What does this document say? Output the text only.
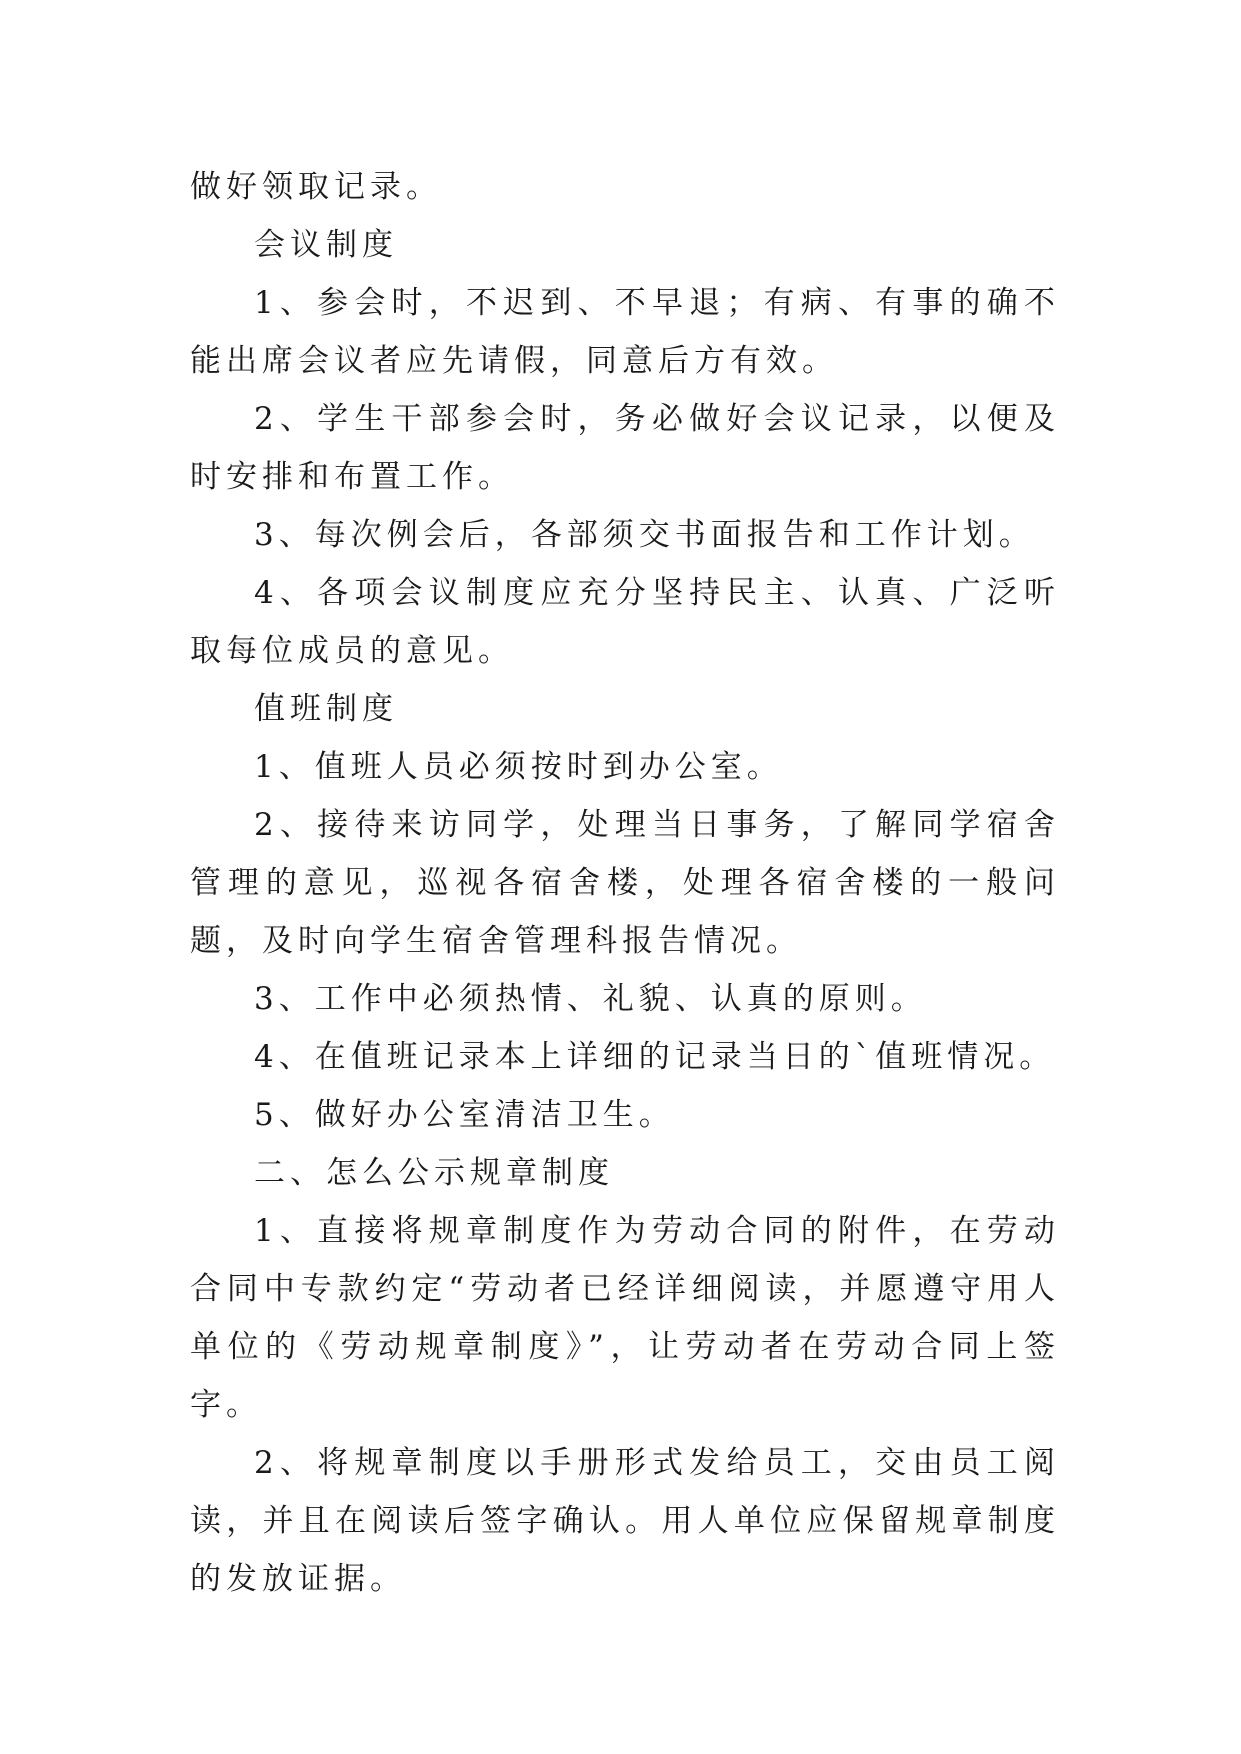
做好领取记录。

会议制度

1、参会时，不迟到、不早退；有病、有事的确不能出席会议者应先请假，同意后方有效。

2、学生干部参会时，务必做好会议记录，以便及时安排和布置工作。

3、每次例会后，各部须交书面报告和工作计划。

4、各项会议制度应充分坚持民主、认真、广泛听取每位成员的意见。

值班制度

1、值班人员必须按时到办公室。

2、接待来访同学，处理当日事务，了解同学宿舍管理的意见，巡视各宿舍楼，处理各宿舍楼的一般问题，及时向学生宿舍管理科报告情况。

3、工作中必须热情、礼貌、认真的原则。

4、在值班记录本上详细的记录当日的`值班情况。

5、做好办公室清洁卫生。

二、怎么公示规章制度

1、直接将规章制度作为劳动合同的附件，在劳动合同中专款约定“劳动者已经详细阅读，并愿遵守用人单位的《劳动规章制度》”，让劳动者在劳动合同上签字。

2、将规章制度以手册形式发给员工，交由员工阅读，并且在阅读后签字确认。用人单位应保留规章制度的发放证据。
